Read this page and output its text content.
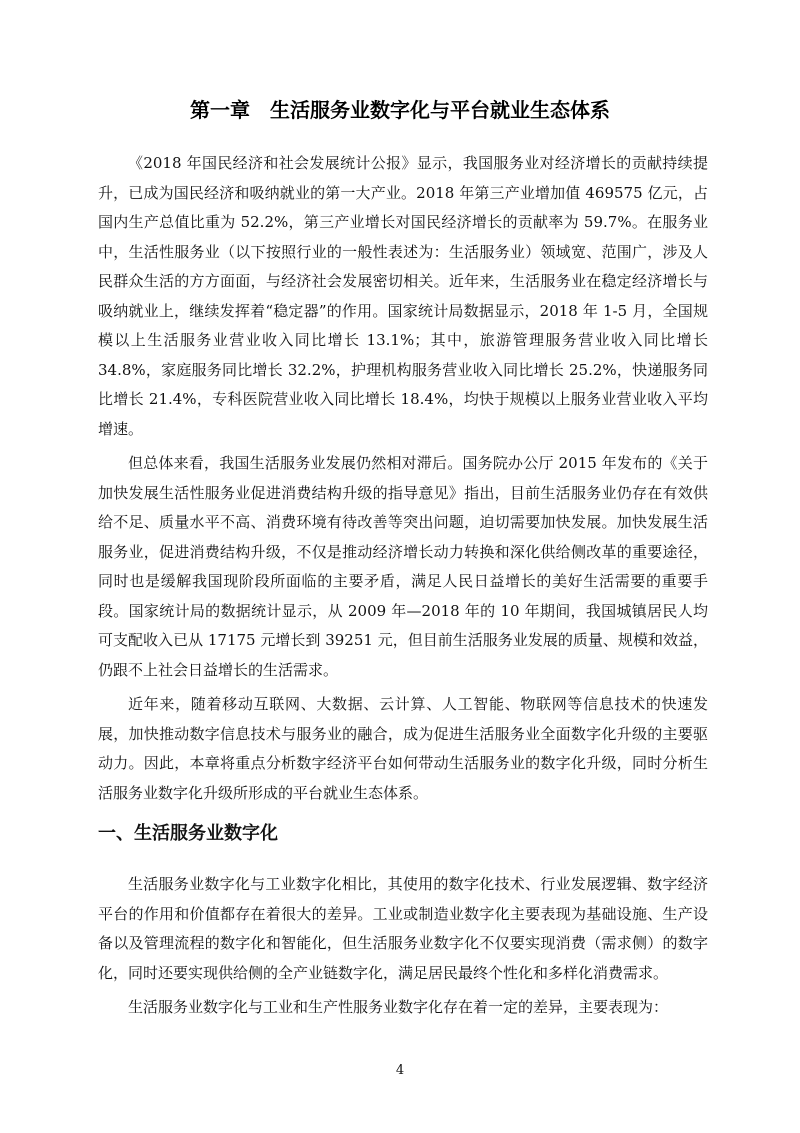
第一章　生活服务业数字化与平台就业生态体系

《2018 年国民经济和社会发展统计公报》显示，我国服务业对经济增长的贡献持续提升，已成为国民经济和吸纳就业的第一大产业。2018 年第三产业增加值 469575 亿元，占国内生产总值比重为 52.2%，第三产业增长对国民经济增长的贡献率为 59.7%。在服务业中，生活性服务业（以下按照行业的一般性表述为：生活服务业）领域宽、范围广，涉及人民群众生活的方方面面，与经济社会发展密切相关。近年来，生活服务业在稳定经济增长与吸纳就业上，继续发挥着“稳定器”的作用。国家统计局数据显示，2018 年 1-5 月，全国规模以上生活服务业营业收入同比增长 13.1%；其中，旅游管理服务营业收入同比增长 34.8%，家庭服务同比增长 32.2%，护理机构服务营业收入同比增长 25.2%，快递服务同比增长 21.4%，专科医院营业收入同比增长 18.4%，均快于规模以上服务业营业收入平均增速。

但总体来看，我国生活服务业发展仍然相对滞后。国务院办公厅 2015 年发布的《关于加快发展生活性服务业促进消费结构升级的指导意见》指出，目前生活服务业仍存在有效供给不足、质量水平不高、消费环境有待改善等突出问题，迫切需要加快发展。加快发展生活服务业，促进消费结构升级，不仅是推动经济增长动力转换和深化供给侧改革的重要途径，同时也是缓解我国现阶段所面临的主要矛盾，满足人民日益增长的美好生活需要的重要手段。国家统计局的数据统计显示，从 2009 年—2018 年的 10 年期间，我国城镇居民人均可支配收入已从 17175 元增长到 39251 元，但目前生活服务业发展的质量、规模和效益，仍跟不上社会日益增长的生活需求。

近年来，随着移动互联网、大数据、云计算、人工智能、物联网等信息技术的快速发展，加快推动数字信息技术与服务业的融合，成为促进生活服务业全面数字化升级的主要驱动力。因此，本章将重点分析数字经济平台如何带动生活服务业的数字化升级，同时分析生活服务业数字化升级所形成的平台就业生态体系。

一、生活服务业数字化

生活服务业数字化与工业数字化相比，其使用的数字化技术、行业发展逻辑、数字经济平台的作用和价值都存在着很大的差异。工业或制造业数字化主要表现为基础设施、生产设备以及管理流程的数字化和智能化，但生活服务业数字化不仅要实现消费（需求侧）的数字化，同时还要实现供给侧的全产业链数字化，满足居民最终个性化和多样化消费需求。

生活服务业数字化与工业和生产性服务业数字化存在着一定的差异，主要表现为：

4
